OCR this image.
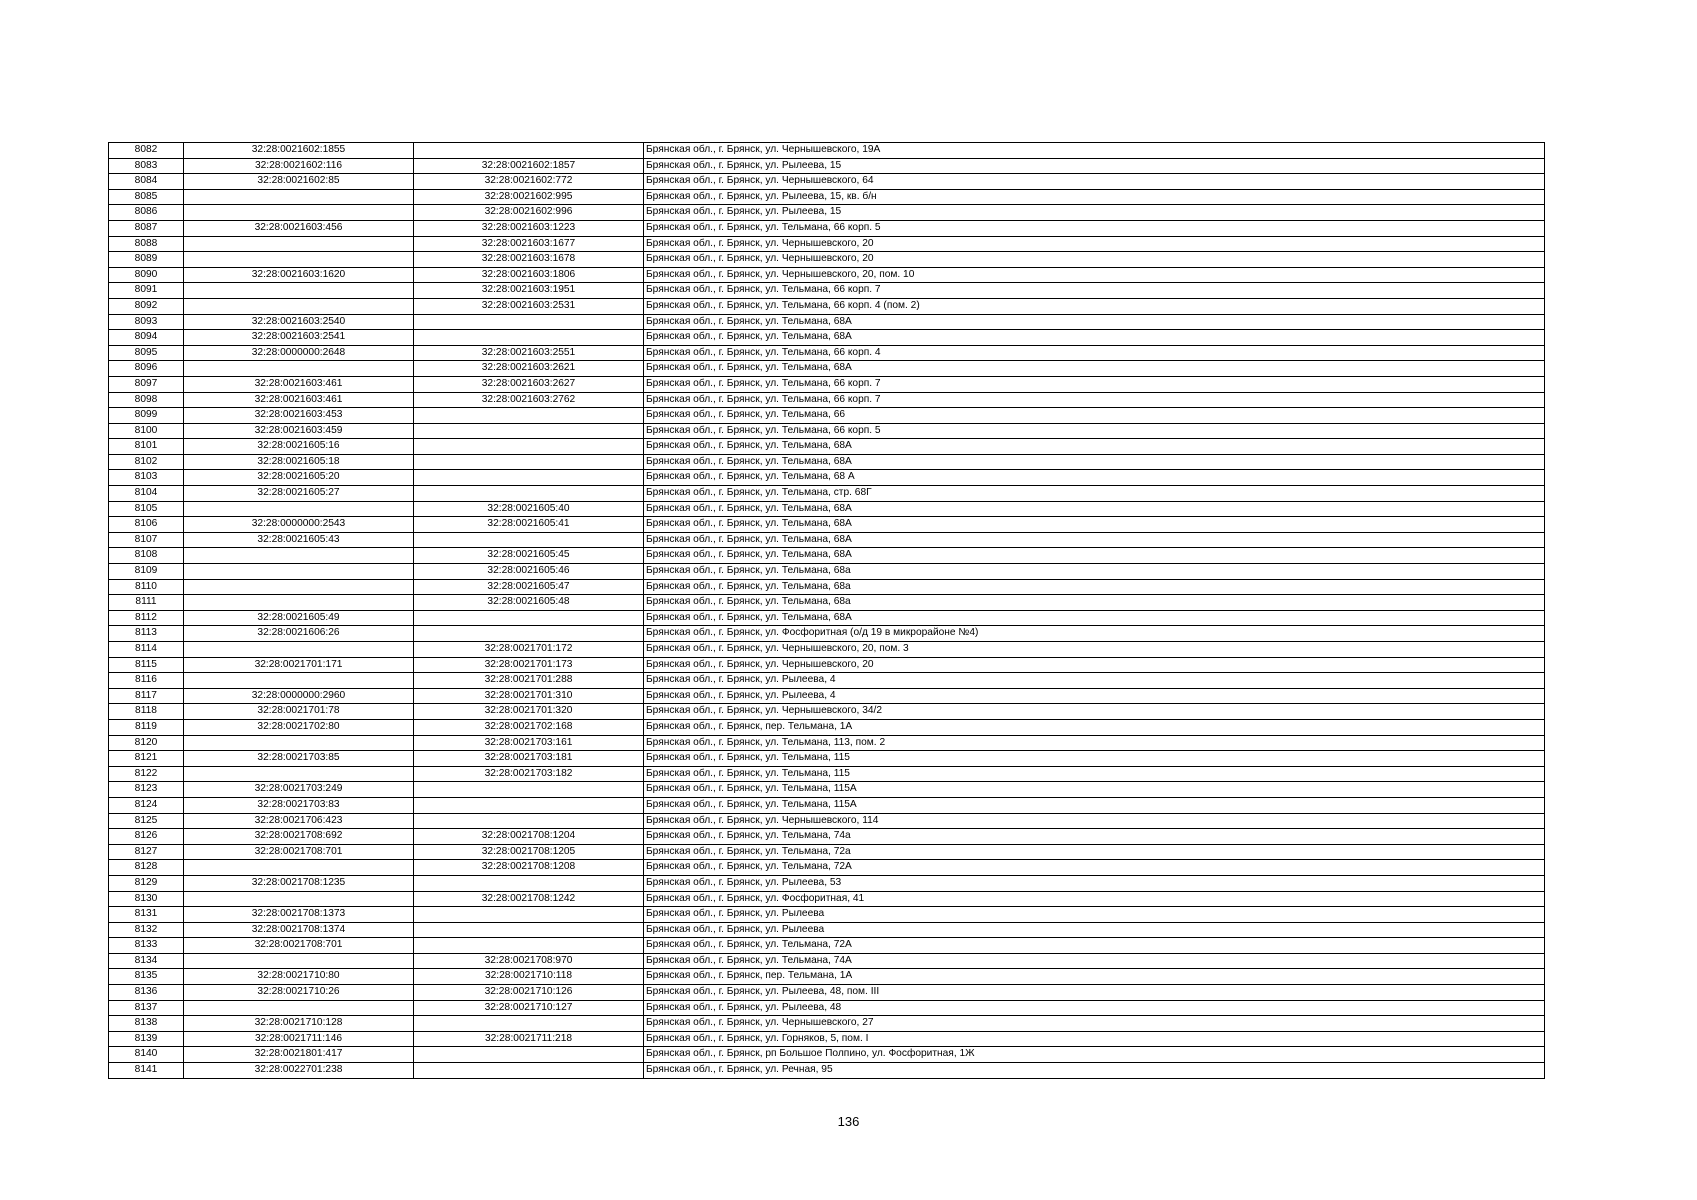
8082	32:28:0021602:1855		Брянская обл., г. Брянск, ул. Чернышевского, 19А
8083	32:28:0021602:116	32:28:0021602:1857	Брянская обл., г. Брянск, ул. Рылеева, 15
8084	32:28:0021602:85	32:28:0021602:772	Брянская обл., г. Брянск, ул. Чернышевского, 64
8085		32:28:0021602:995	Брянская обл., г. Брянск, ул. Рылеева, 15, кв. б/н
8086		32:28:0021602:996	Брянская обл., г. Брянск, ул. Рылеева, 15
8087	32:28:0021603:456	32:28:0021603:1223	Брянская обл., г. Брянск, ул. Тельмана, 66 корп. 5
8088		32:28:0021603:1677	Брянская обл., г. Брянск, ул. Чернышевского, 20
8089		32:28:0021603:1678	Брянская обл., г. Брянск, ул. Чернышевского, 20
8090	32:28:0021603:1620	32:28:0021603:1806	Брянская обл., г. Брянск, ул. Чернышевского, 20, пом. 10
8091		32:28:0021603:1951	Брянская обл., г. Брянск, ул. Тельмана, 66 корп. 7
8092		32:28:0021603:2531	Брянская обл., г. Брянск, ул. Тельмана, 66 корп. 4 (пом. 2)
8093	32:28:0021603:2540		Брянская обл., г. Брянск, ул. Тельмана, 68А
8094	32:28:0021603:2541		Брянская обл., г. Брянск, ул. Тельмана, 68А
8095	32:28:0000000:2648	32:28:0021603:2551	Брянская обл., г. Брянск, ул. Тельмана, 66 корп. 4
8096		32:28:0021603:2621	Брянская обл., г. Брянск, ул. Тельмана, 68А
8097	32:28:0021603:461	32:28:0021603:2627	Брянская обл., г. Брянск, ул. Тельмана, 66 корп. 7
8098	32:28:0021603:461	32:28:0021603:2762	Брянская обл., г. Брянск, ул. Тельмана, 66 корп. 7
8099	32:28:0021603:453		Брянская обл., г. Брянск, ул. Тельмана, 66
8100	32:28:0021603:459		Брянская обл., г. Брянск, ул. Тельмана, 66 корп. 5
8101	32:28:0021605:16		Брянская обл., г. Брянск, ул. Тельмана, 68А
8102	32:28:0021605:18		Брянская обл., г. Брянск, ул. Тельмана, 68А
8103	32:28:0021605:20		Брянская обл., г. Брянск, ул. Тельмана, 68 А
8104	32:28:0021605:27		Брянская обл., г. Брянск, ул. Тельмана, стр. 68Г
8105		32:28:0021605:40	Брянская обл., г. Брянск, ул. Тельмана, 68А
8106	32:28:0000000:2543	32:28:0021605:41	Брянская обл., г. Брянск, ул. Тельмана, 68А
8107	32:28:0021605:43		Брянская обл., г. Брянск, ул. Тельмана, 68А
8108		32:28:0021605:45	Брянская обл., г. Брянск, ул. Тельмана, 68А
8109		32:28:0021605:46	Брянская обл., г. Брянск, ул. Тельмана, 68а
8110		32:28:0021605:47	Брянская обл., г. Брянск, ул. Тельмана, 68а
8111		32:28:0021605:48	Брянская обл., г. Брянск, ул. Тельмана, 68а
8112	32:28:0021605:49		Брянская обл., г. Брянск, ул. Тельмана, 68А
8113	32:28:0021606:26		Брянская обл., г. Брянск, ул. Фосфоритная (о/д 19 в микрорайоне №4)
8114		32:28:0021701:172	Брянская обл., г. Брянск, ул. Чернышевского, 20, пом. 3
8115	32:28:0021701:171	32:28:0021701:173	Брянская обл., г. Брянск, ул. Чернышевского, 20
8116		32:28:0021701:288	Брянская обл., г. Брянск, ул. Рылеева, 4
8117	32:28:0000000:2960	32:28:0021701:310	Брянская обл., г. Брянск, ул. Рылеева, 4
8118	32:28:0021701:78	32:28:0021701:320	Брянская обл., г. Брянск, ул. Чернышевского, 34/2
8119	32:28:0021702:80	32:28:0021702:168	Брянская обл., г. Брянск, пер. Тельмана, 1А
8120		32:28:0021703:161	Брянская обл., г. Брянск, ул. Тельмана, 113, пом. 2
8121	32:28:0021703:85	32:28:0021703:181	Брянская обл., г. Брянск, ул. Тельмана, 115
8122		32:28:0021703:182	Брянская обл., г. Брянск, ул. Тельмана, 115
8123	32:28:0021703:249		Брянская обл., г. Брянск, ул. Тельмана, 115А
8124	32:28:0021703:83		Брянская обл., г. Брянск, ул. Тельмана, 115А
8125	32:28:0021706:423		Брянская обл., г. Брянск, ул. Чернышевского, 114
8126	32:28:0021708:692	32:28:0021708:1204	Брянская обл., г. Брянск, ул. Тельмана, 74а
8127	32:28:0021708:701	32:28:0021708:1205	Брянская обл., г. Брянск, ул. Тельмана, 72а
8128		32:28:0021708:1208	Брянская обл., г. Брянск, ул. Тельмана, 72А
8129	32:28:0021708:1235		Брянская обл., г. Брянск, ул. Рылеева, 53
8130		32:28:0021708:1242	Брянская обл., г. Брянск, ул. Фосфоритная, 41
8131	32:28:0021708:1373		Брянская обл., г. Брянск, ул. Рылеева
8132	32:28:0021708:1374		Брянская обл., г. Брянск, ул. Рылеева
8133	32:28:0021708:701		Брянская обл., г. Брянск, ул. Тельмана, 72А
8134		32:28:0021708:970	Брянская обл., г. Брянск, ул. Тельмана, 74А
8135	32:28:0021710:80	32:28:0021710:118	Брянская обл., г. Брянск, пер. Тельмана, 1А
8136	32:28:0021710:26	32:28:0021710:126	Брянская обл., г. Брянск, ул. Рылеева, 48, пом. III
8137		32:28:0021710:127	Брянская обл., г. Брянск, ул. Рылеева, 48
8138	32:28:0021710:128		Брянская обл., г. Брянск, ул. Чернышевского, 27
8139	32:28:0021711:146	32:28:0021711:218	Брянская обл., г. Брянск, ул. Горняков, 5, пом. I
8140	32:28:0021801:417		Брянская обл., г. Брянск, рп Большое Полпино, ул. Фосфоритная, 1Ж
8141	32:28:0022701:238		Брянская обл., г. Брянск, ул. Речная, 95
136
